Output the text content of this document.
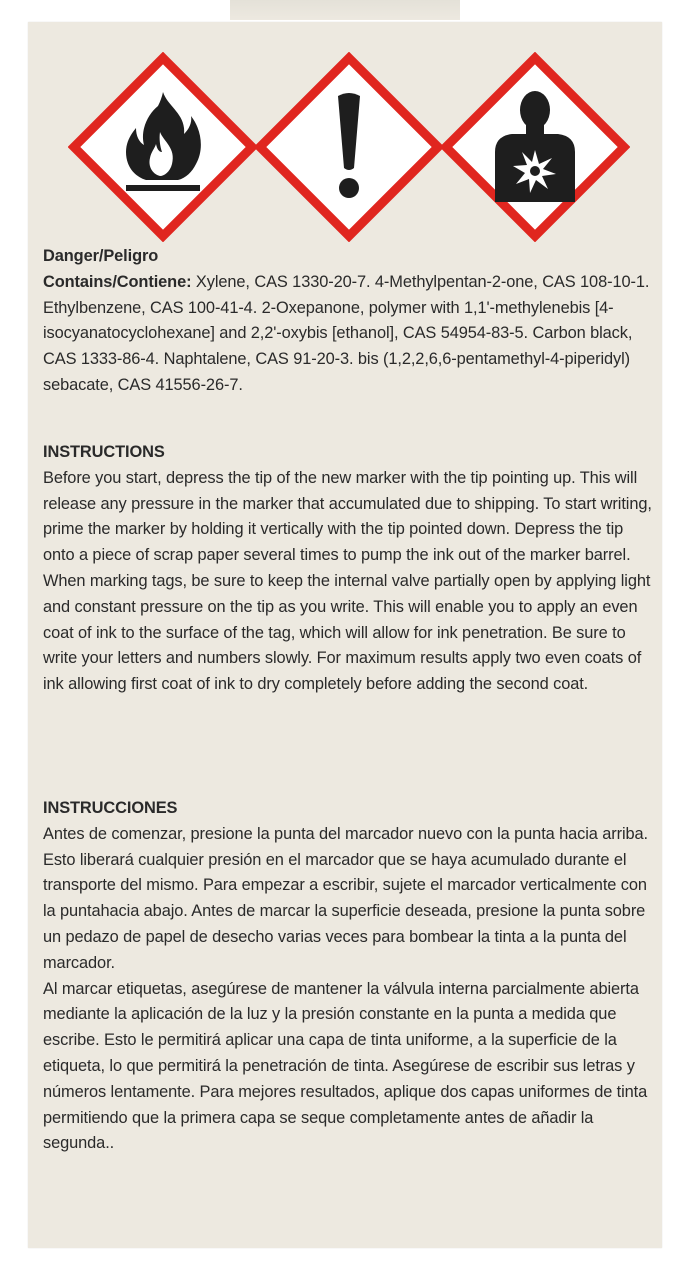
Danger/Peligro

Contains/Contiene: Xylene, CAS 1330-20-7. 4-Methylpentan-2-one, CAS 108-10-1. Ethylbenzene, CAS 100-41-4. 2-Oxepanone, polymer with 1,1'-methylenebis [4-isocyanatocyclohexane] and 2,2'-oxybis [ethanol], CAS 54954-83-5. Carbon black, CAS 1333-86-4. Naphtalene, CAS 91-20-3. bis (1,2,2,6,6-pentamethyl-4-piperidyl) sebacate, CAS 41556-26-7.

INSTRUCTIONS

Before you start, depress the tip of the new marker with the tip pointing up. This will release any pressure in the marker that accumulated due to shipping. To start writing, prime the marker by holding it vertically with the tip pointed down. Depress the tip onto a piece of scrap paper several times to pump the ink out of the marker barrel.

When marking tags, be sure to keep the internal valve partially open by applying light and constant pressure on the tip as you write. This will enable you to apply an even coat of ink to the surface of the tag, which will allow for ink penetration. Be sure to write your letters and numbers slowly. For maximum results apply two even coats of ink allowing first coat of ink to dry completely before adding the second coat.

INSTRUCCIONES

Antes de comenzar, presione la punta del marcador nuevo con la punta hacia arriba. Esto liberará cualquier presión en el marcador que se haya acumulado durante el transporte del mismo. Para empezar a escribir, sujete el marcador verticalmente con la puntahacia abajo. Antes de marcar la superficie deseada, presione la punta sobre un pedazo de papel de desecho varias veces para bombear la tinta a la punta del marcador.

Al marcar etiquetas, asegúrese de mantener la válvula interna parcialmente abierta mediante la aplicación de la luz y la presión constante en la punta a medida que escribe. Esto le permitirá aplicar una capa de tinta uniforme, a la superficie de la etiqueta, lo que permitirá la penetración de tinta. Asegúrese de escribir sus letras y números lentamente. Para mejores resultados, aplique dos capas uniformes de tinta permitiendo que la primera capa se seque completamente antes de añadir la segunda..
